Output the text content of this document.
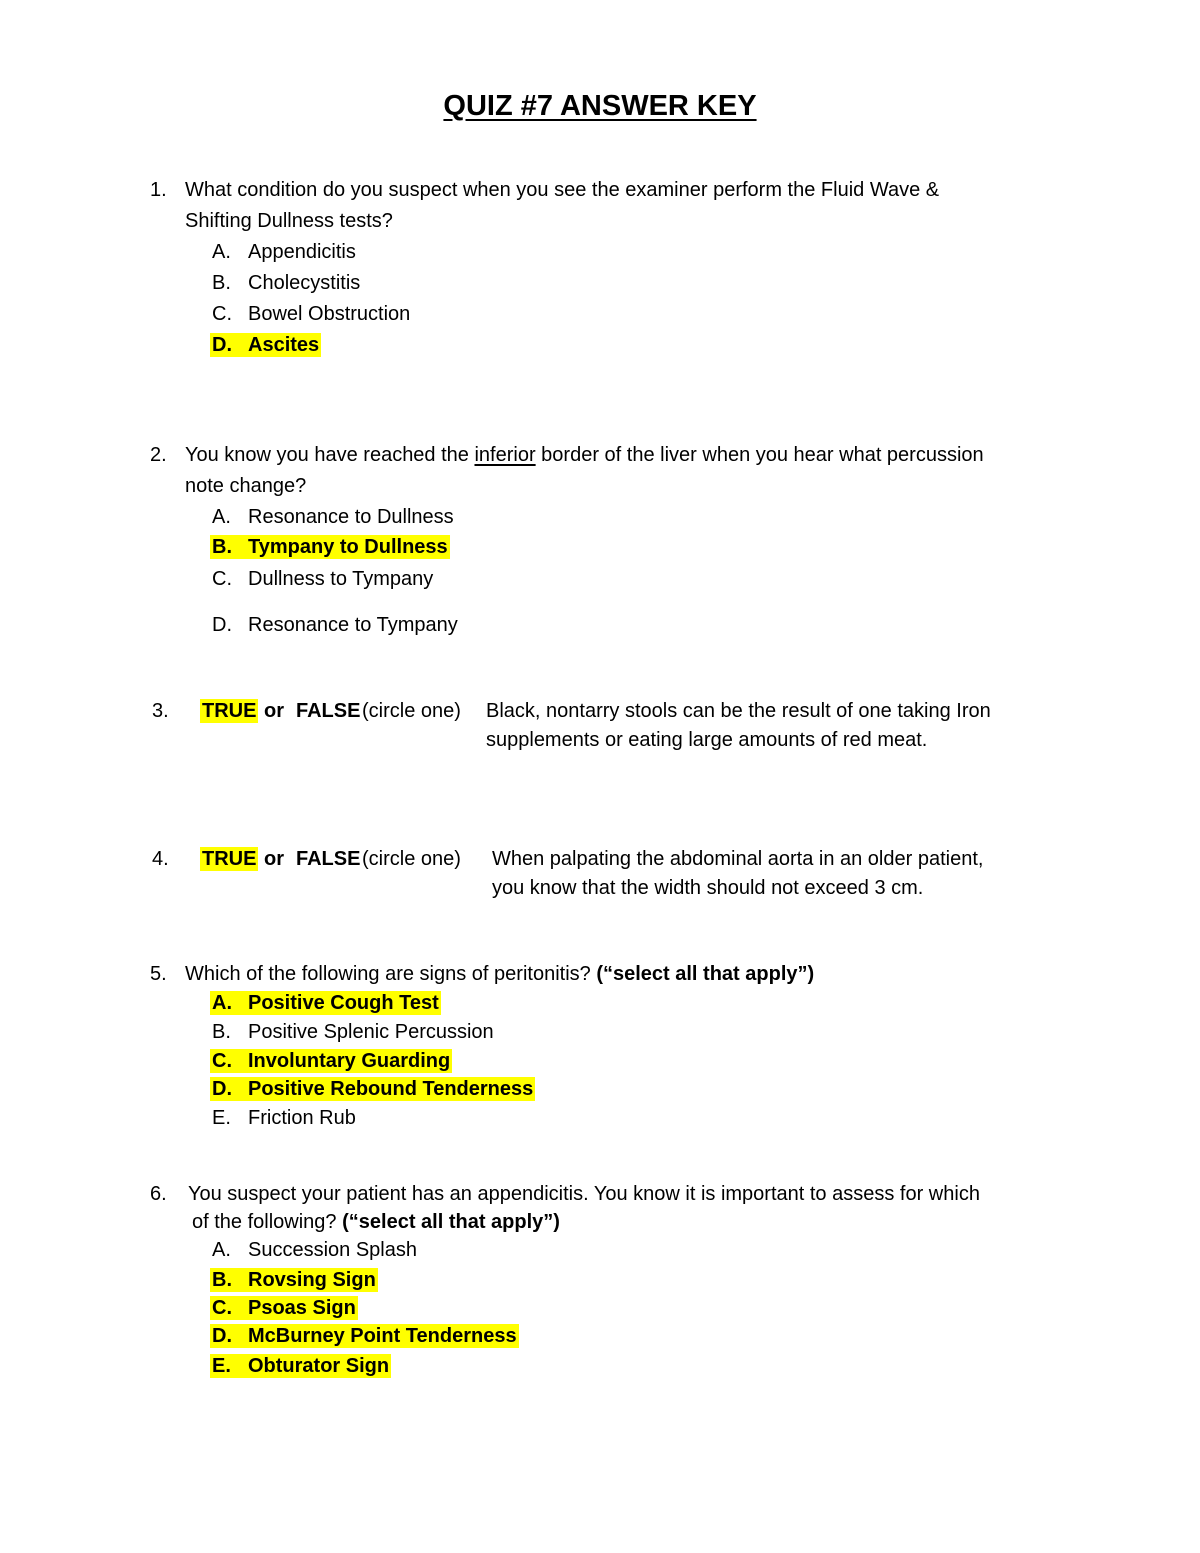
QUIZ #7 ANSWER KEY
1. What condition do you suspect when you see the examiner perform the Fluid Wave &
Shifting Dullness tests?
A. Appendicitis
B. Cholecystitis
C. Bowel Obstruction
D. Ascites
2. You know you have reached the inferior border of the liver when you hear what percussion
note change?
A. Resonance to Dullness
B. Tympany to Dullness
C. Dullness to Tympany
D. Resonance to Tympany
3. TRUE or FALSE (circle one) Black, nontarry stools can be the result of one taking Iron
supplements or eating large amounts of red meat.
4. TRUE or FALSE (circle one) When palpating the abdominal aorta in an older patient,
you know that the width should not exceed 3 cm.
5. Which of the following are signs of peritonitis? (“select all that apply”)
A. Positive Cough Test
B. Positive Splenic Percussion
C. Involuntary Guarding
D. Positive Rebound Tenderness
E. Friction Rub
6. You suspect your patient has an appendicitis. You know it is important to assess for which
of the following? (“select all that apply”)
A. Succession Splash
B. Rovsing Sign
C. Psoas Sign
D. McBurney Point Tenderness
E. Obturator Sign
